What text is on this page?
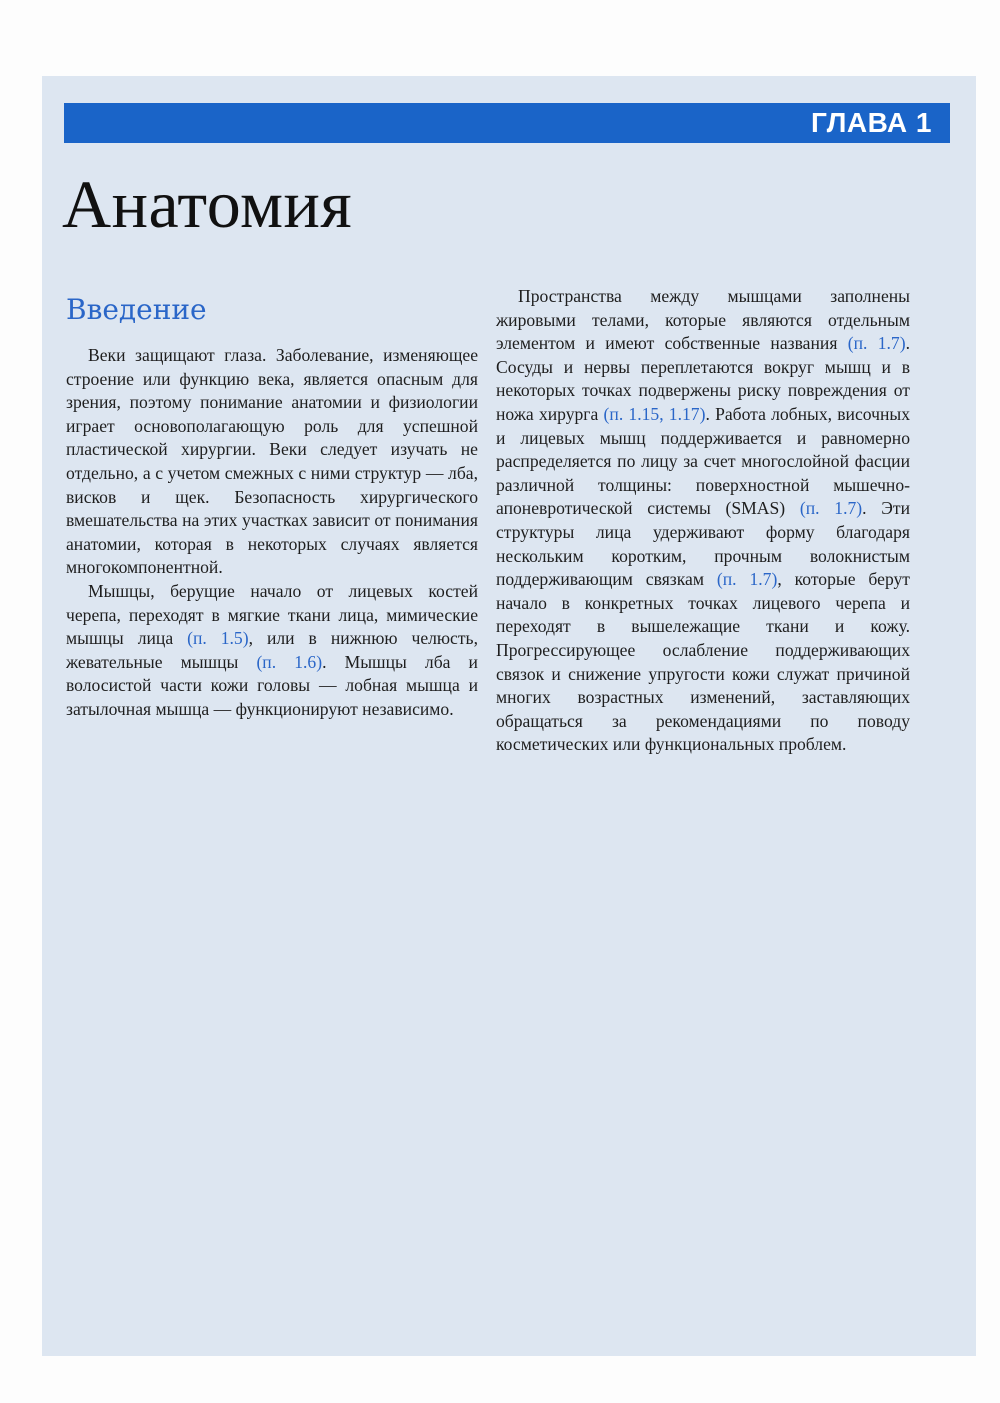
ГЛАВА 1
Анатомия
Введение

Веки защищают глаза. Заболевание, изменяющее строение или функцию века, является опасным для зрения, поэтому понимание анатомии и физиологии играет основополагающую роль для успешной пластической хирургии. Веки следует изучать не отдельно, а с учетом смежных с ними структур — лба, висков и щек. Безопасность хирургического вмешательства на этих участках зависит от понимания анатомии, которая в некоторых случаях является многокомпонентной.

Мышцы, берущие начало от лицевых костей черепа, переходят в мягкие ткани лица, мимические мышцы лица (п. 1.5), или в нижнюю челюсть, жевательные мышцы (п. 1.6). Мышцы лба и волосистой части кожи головы — лобная мышца и затылочная мышца — функционируют независимо.

Пространства между мышцами заполнены жировыми телами, которые являются отдельным элементом и имеют собственные названия (п. 1.7). Сосуды и нервы переплетаются вокруг мышц и в некоторых точках подвержены риску повреждения от ножа хирурга (п. 1.15, 1.17). Работа лобных, височных и лицевых мышц поддерживается и равномерно распределяется по лицу за счет многослойной фасции различной толщины: поверхностной мышечно-апоневротической системы (SMAS) (п. 1.7). Эти структуры лица удерживают форму благодаря нескольким коротким, прочным волокнистым поддерживающим связкам (п. 1.7), которые берут начало в конкретных точках лицевого черепа и переходят в вышележащие ткани и кожу. Прогрессирующее ослабление поддерживающих связок и снижение упругости кожи служат причиной многих возрастных изменений, заставляющих обращаться за рекомендациями по поводу косметических или функциональных проблем.
